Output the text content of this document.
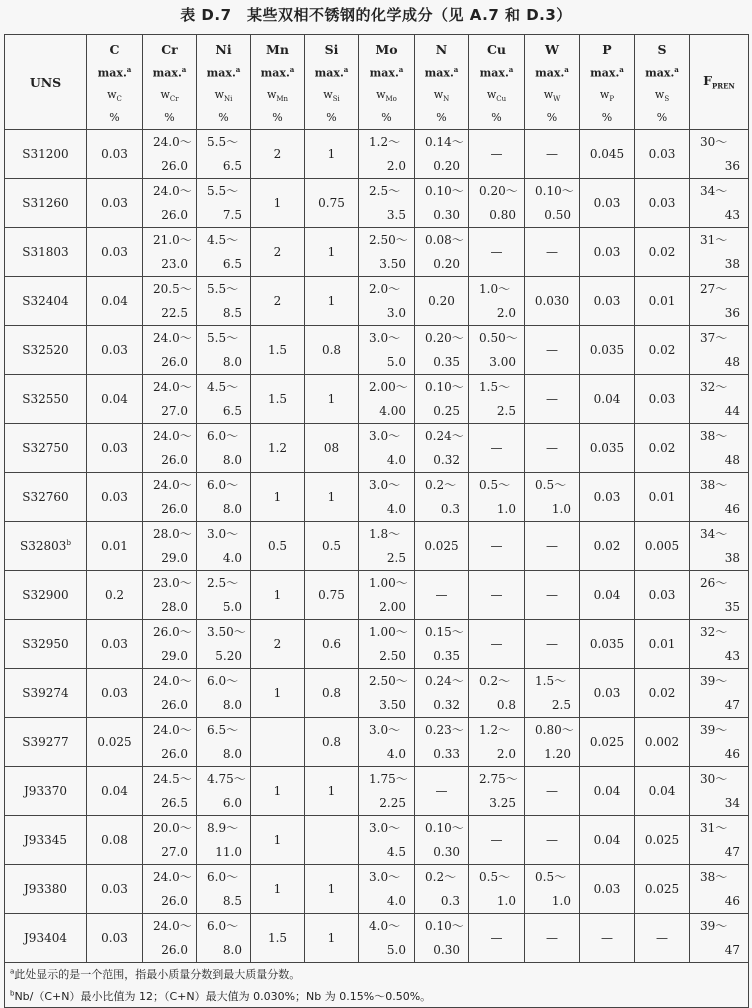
表 D.7　某些双相不锈钢的化学成分（见 A.7 和 D.3）
UNS	C
max.$^a$
$w_C$
%	Cr
max.$^a$
$w_{Cr}$
%	Ni
max.$^a$
$w_{Ni}$
%	Mn
max.$^a$
$w_{Mn}$
%	Si
max.$^a$
$w_{Si}$
%	Mo
max.$^a$
$w_{Mo}$
%	N
max.$^a$
$w_N$
%	Cu
max.$^a$
$w_{Cu}$
%	W
max.$^a$
$w_W$
%	P
max.$^a$
$w_P$
%	S
max.$^a$
$w_S$
%	$F_{PREN}$
S31200	0.03	24.0～
26.0	5.5～
6.5	2	1	1.2～
2.0	0.14～
0.20	—	—	0.045	0.03	30～
36

S31260	0.03	24.0～
26.0	5.5～
7.5	1	0.75	2.5～
3.5	0.10～
0.30	0.20～
0.80	0.10～
0.50	0.03	0.03	34～
43

S31803	0.03	21.0～
23.0	4.5～
6.5	2	1	2.50～
3.50	0.08～
0.20	—	—	0.03	0.02	31～
38

S32404	0.04	20.5～
22.5	5.5～
8.5	2	1	2.0～
3.0	0.20	1.0～
2.0	0.030	0.03	0.01	27～
36

S32520	0.03	24.0～
26.0	5.5～
8.0	1.5	0.8	3.0～
5.0	0.20～
0.35	0.50～
3.00	—	0.035	0.02	37～
48

S32550	0.04	24.0～
27.0	4.5～
6.5	1.5	1	2.00～
4.00	0.10～
0.25	1.5～
2.5	—	0.04	0.03	32～
44

S32750	0.03	24.0～
26.0	6.0～
8.0	1.2	08	3.0～
4.0	0.24～
0.32	—	—	0.035	0.02	38～
48

S32760	0.03	24.0～
26.0	6.0～
8.0	1	1	3.0～
4.0	0.2～
0.3	0.5～
1.0	0.5～
1.0	0.03	0.01	38～
46

S32803$^b$	0.01	28.0～
29.0	3.0～
4.0	0.5	0.5	1.8～
2.5	0.025	—	—	0.02	0.005	34～
38

S32900	0.2	23.0～
28.0	2.5～
5.0	1	0.75	1.00～
2.00	—	—	—	0.04	0.03	26～
35

S32950	0.03	26.0～
29.0	3.50～
5.20	2	0.6	1.00～
2.50	0.15～
0.35	—	—	0.035	0.01	32～
43

S39274	0.03	24.0～
26.0	6.0～
8.0	1	0.8	2.50～
3.50	0.24～
0.32	0.2～
0.8	1.5～
2.5	0.03	0.02	39～
47

S39277	0.025	24.0～
26.0	6.5～
8.0		0.8	3.0～
4.0	0.23～
0.33	1.2～
2.0	0.80～
1.20	0.025	0.002	39～
46

J93370	0.04	24.5～
26.5	4.75～
6.0	1	1	1.75～
2.25	—	2.75～
3.25	—	0.04	0.04	30～
34

J93345	0.08	20.0～
27.0	8.9～
11.0	1		3.0～
4.5	0.10～
0.30	—	—	0.04	0.025	31～
47

J93380	0.03	24.0～
26.0	6.0～
8.5	1	1	3.0～
4.0	0.2～
0.3	0.5～
1.0	0.5～
1.0	0.03	0.025	38～
46

J93404	0.03	24.0～
26.0	6.0～
8.0	1.5	1	4.0～
5.0	0.10～
0.30	—	—	—	—	39～
47

$^a$此处显示的是一个范围，指最小质量分数到最大质量分数。												
$^b$Nb/（C+N）最小比值为 12；（C+N）最大值为 0.030%；Nb 为 0.15%～0.50%。												
